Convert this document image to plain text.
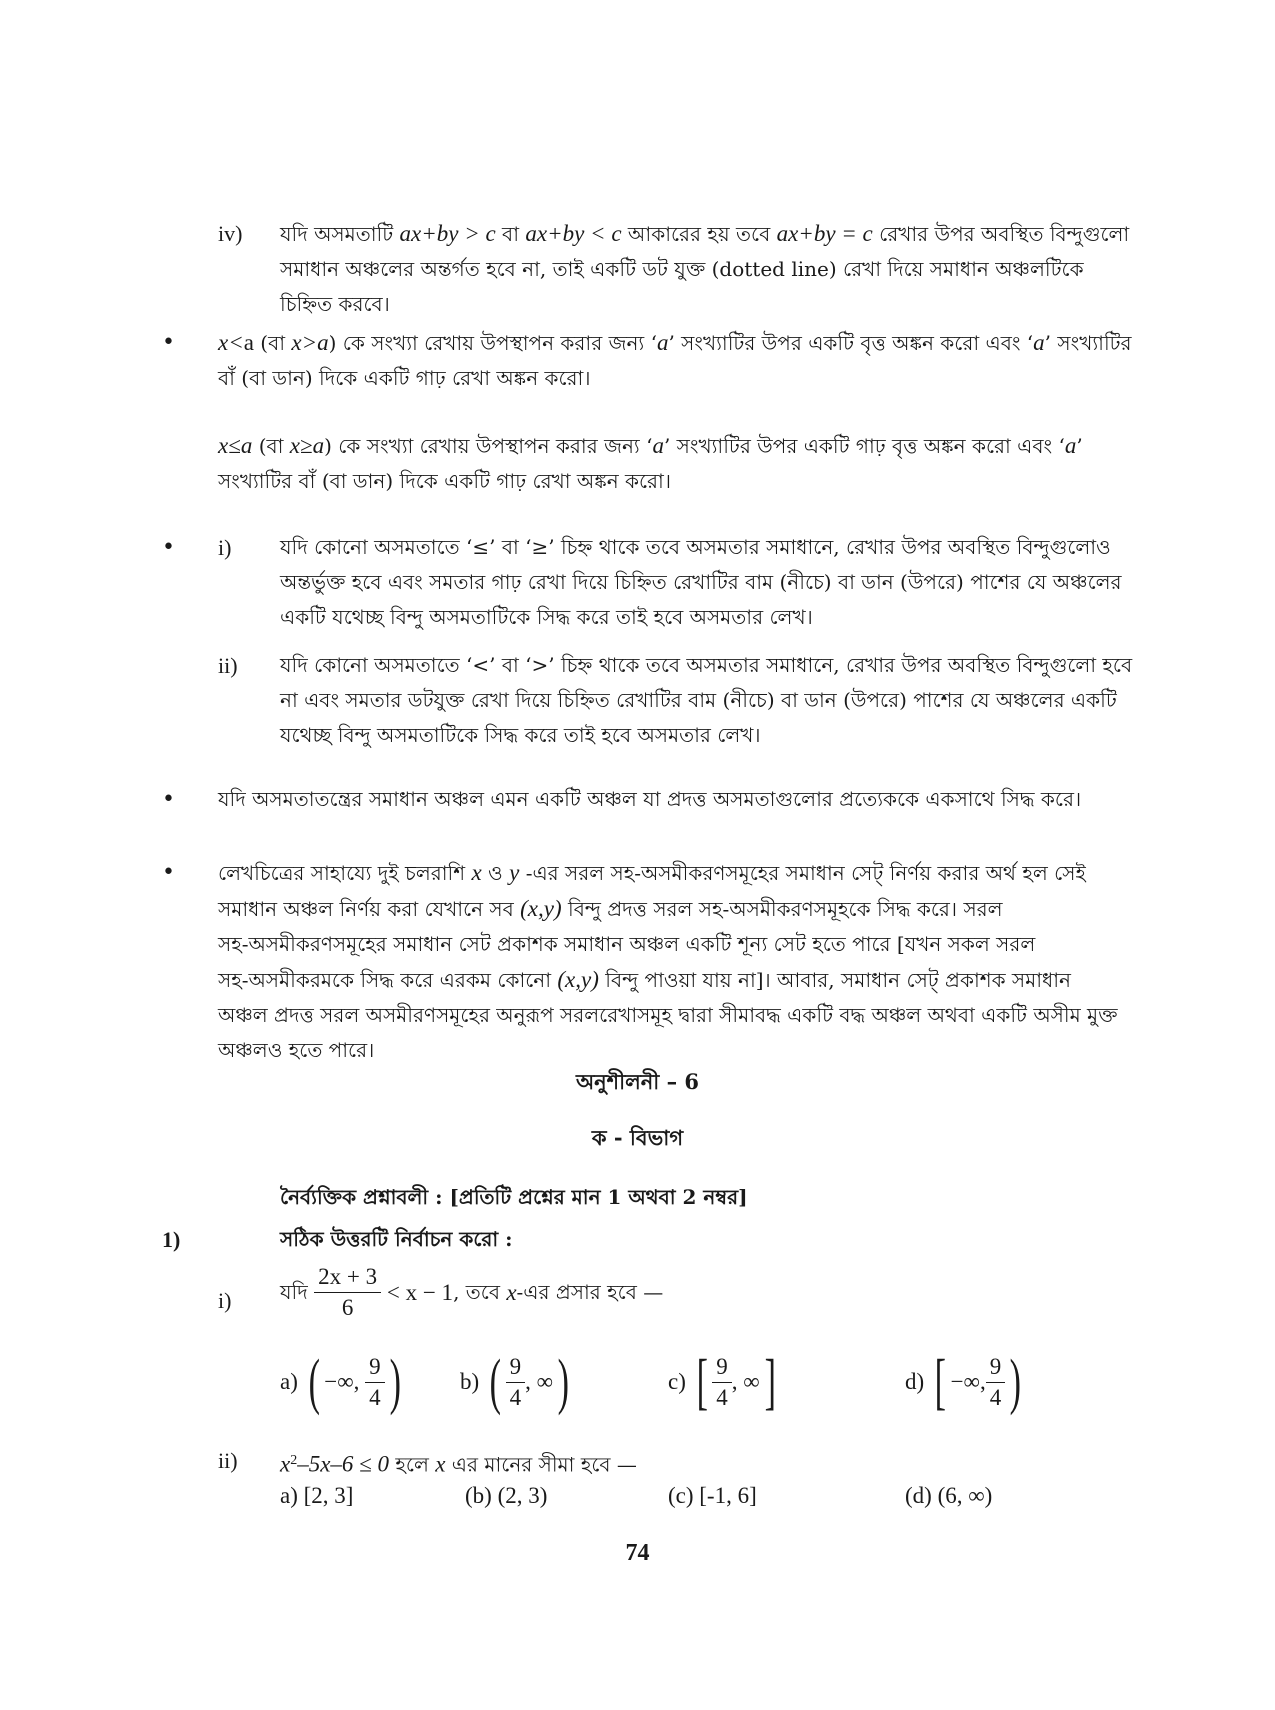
iv) যদি অসমতাটি ax+by > c বা ax+by < c আকারের হয় তবে ax+by = c রেখার উপর অবস্থিত বিন্দুগুলো
সমাধান অঞ্চলের অন্তর্গত হবে না, তাই একটি ডট যুক্ত (dotted line) রেখা দিয়ে সমাধান অঞ্চলটিকে
চিহ্নিত করবে।
• x<a (বা x>a) কে সংখ্যা রেখায় উপস্থাপন করার জন্য ‘a’ সংখ্যাটির উপর একটি বৃত্ত অঙ্কন করো এবং ‘a’ সংখ্যাটির
বাঁ (বা ডান) দিকে একটি গাঢ় রেখা অঙ্কন করো।
x≤a (বা x≥a) কে সংখ্যা রেখায় উপস্থাপন করার জন্য ‘a’ সংখ্যাটির উপর একটি গাঢ় বৃত্ত অঙ্কন করো এবং ‘a’
সংখ্যাটির বাঁ (বা ডান) দিকে একটি গাঢ় রেখা অঙ্কন করো।
• i) যদি কোনো অসমতাতে ‘≤’ বা ‘≥’ চিহ্ন থাকে তবে অসমতার সমাধানে, রেখার উপর অবস্থিত বিন্দুগুলোও
অন্তর্ভুক্ত হবে এবং সমতার গাঢ় রেখা দিয়ে চিহ্নিত রেখাটির বাম (নীচে) বা ডান (উপরে) পাশের যে অঞ্চলের
একটি যথেচ্ছ বিন্দু অসমতাটিকে সিদ্ধ করে তাই হবে অসমতার লেখ।
ii) যদি কোনো অসমতাতে ‘<’ বা ‘>’ চিহ্ন থাকে তবে অসমতার সমাধানে, রেখার উপর অবস্থিত বিন্দুগুলো হবে
না এবং সমতার ডটযুক্ত রেখা দিয়ে চিহ্নিত রেখাটির বাম (নীচে) বা ডান (উপরে) পাশের যে অঞ্চলের একটি
যথেচ্ছ বিন্দু অসমতাটিকে সিদ্ধ করে তাই হবে অসমতার লেখ।
• যদি অসমতাতন্ত্রের সমাধান অঞ্চল এমন একটি অঞ্চল যা প্রদত্ত অসমতাগুলোর প্রত্যেককে একসাথে সিদ্ধ করে।
• লেখচিত্রের সাহায্যে দুই চলরাশি x ও y -এর সরল সহ-অসমীকরণসমূহের সমাধান সেট্ নির্ণয় করার অর্থ হল সেই
সমাধান অঞ্চল নির্ণয় করা যেখানে সব (x,y) বিন্দু প্রদত্ত সরল সহ-অসমীকরণসমূহকে সিদ্ধ করে। সরল
সহ-অসমীকরণসমূহের সমাধান সেট প্রকাশক সমাধান অঞ্চল একটি শূন্য সেট হতে পারে [যখন সকল সরল
সহ-অসমীকরমকে সিদ্ধ করে এরকম কোনো (x,y) বিন্দু পাওয়া যায় না]। আবার, সমাধান সেট্ প্রকাশক সমাধান
অঞ্চল প্রদত্ত সরল অসমীরণসমূহের অনুরূপ সরলরেখাসমূহ দ্বারা সীমাবদ্ধ একটি বদ্ধ অঞ্চল অথবা একটি অসীম মুক্ত
অঞ্চলও হতে পারে।
অনুশীলনী – 6
ক - বিভাগ
নৈর্ব্যক্তিক প্রশ্নাবলী : [প্রতিটি প্রশ্নের মান 1 অথবা 2 নম্বর]
1)	সঠিক উত্তরটি নির্বাচন করো :
i) যদি $\frac{2x + 3}{6} < x - 1$, তবে x-এর প্রসার হবে —
a) ( −∞, $\frac{9}{4}$ )	b) ( $\frac{9}{4}$ , ∞)	c) [ $\frac{9}{4}$ , ∞]	d) [ −∞, $\frac{9}{4}$ )
ii) $x^2-5x-6 \le 0$ হলে x এর মানের সীমা হবে —
a) [2, 3]	(b) (2, 3)	(c) [-1, 6]	(d) (6, ∞)
74
